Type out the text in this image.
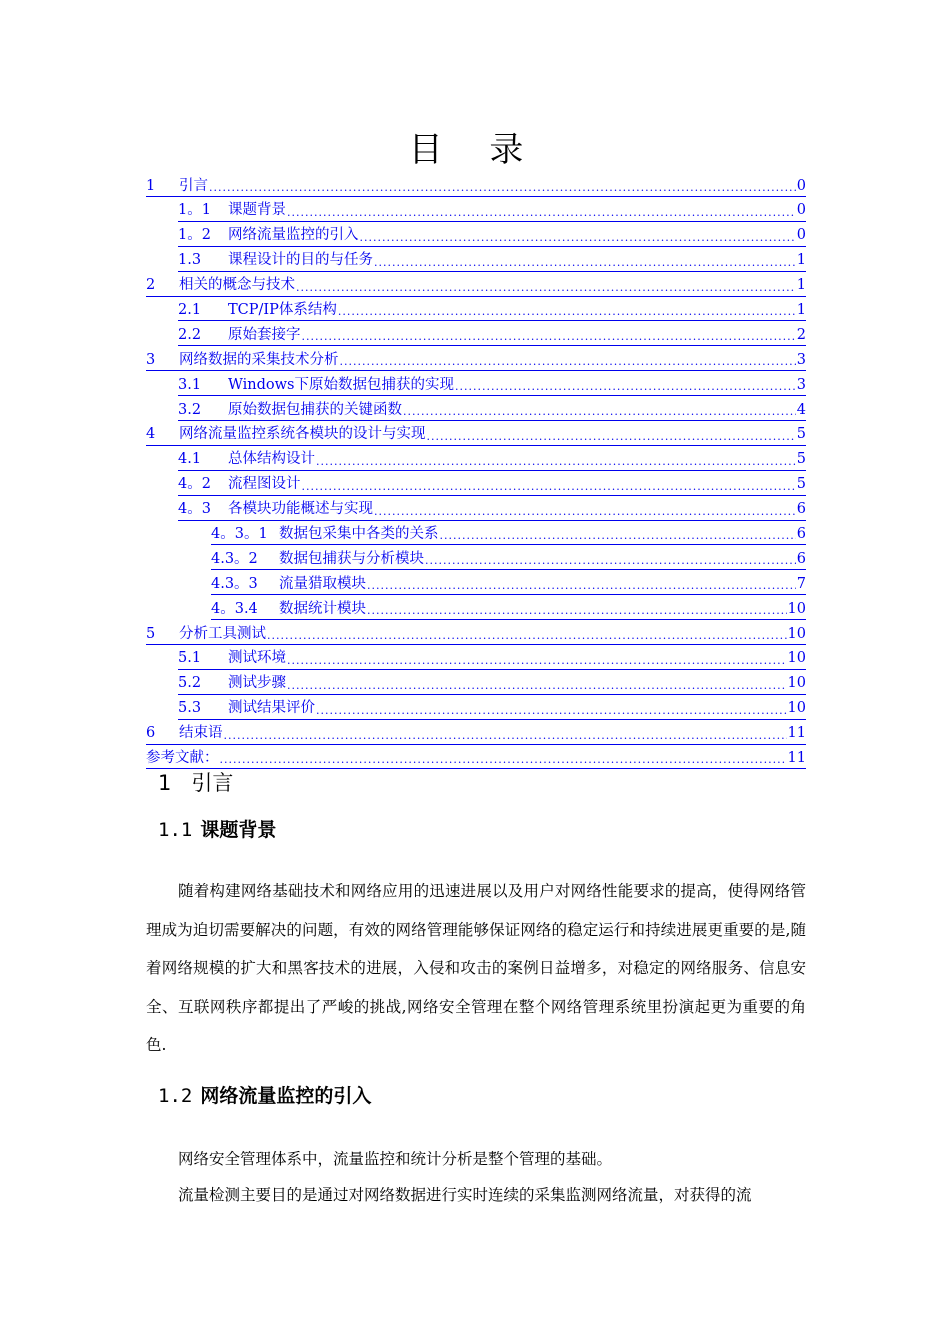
目 录
1	引言 .....	0
1。1	课题背景 .....	0
1。2	网络流量监控的引入 .....	0
1.3	课程设计的目的与任务 .....	1
2	相关的概念与技术 .....	1
2.1	TCP/IP体系结构 .....	1
2.2	原始套接字 .....	2
3	网络数据的采集技术分析 .....	3
3.1	Windows下原始数据包捕获的实现 .....	3
3.2	原始数据包捕获的关键函数 .....	4
4	网络流量监控系统各模块的设计与实现 .....	5
4.1	总体结构设计 .....	5
4。2	流程图设计 .....	5
4。3	各模块功能概述与实现 .....	6
4。3。1 数据包采集中各类的关系 .....	6
4.3。2	数据包捕获与分析模块 .....	6
4.3。3	流量猎取模块 .....	7
4。3.4	数据统计模块 .....	10
5	分析工具测试 .....	10
5.1	测试环境 .....	10
5.2	测试步骤 .....	10
5.3	测试结果评价 .....	10
6	结束语 .....	11
参考文献： .....	11
1 引言
1.1 课题背景
随着构建网络基础技术和网络应用的迅速进展以及用户对网络性能要求的提高，使得网络管理成为迫切需要解决的问题，有效的网络管理能够保证网络的稳定运行和持续进展更重要的是,随着网络规模的扩大和黑客技术的进展，入侵和攻击的案例日益增多，对稳定的网络服务、信息安全、互联网秩序都提出了严峻的挑战,网络安全管理在整个网络管理系统里扮演起更为重要的角色.
1.2 网络流量监控的引入
网络安全管理体系中，流量监控和统计分析是整个管理的基础。
流量检测主要目的是通过对网络数据进行实时连续的采集监测网络流量，对获得的流
